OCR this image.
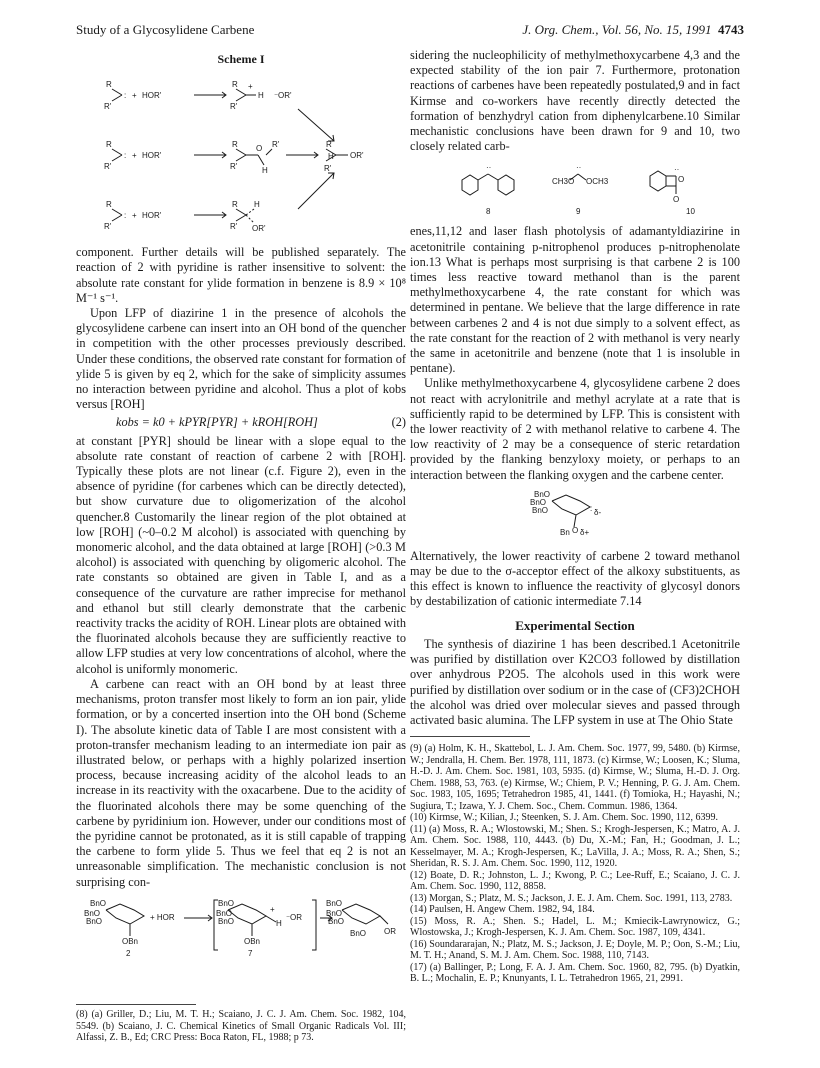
Study of a Glycosylidene Carbene	J. Org. Chem., Vol. 56, No. 15, 1991 4743
Scheme I
R
R'
: + HOR'
R
R'
+
H ⁻ OR'
R
R'
: + HOR'
R
R'
O R'
H
R
H OR'
R'
R
R'
: + HOR'
R
R'
H
OR'

component. Further details will be published separately. The reaction of 2 with pyridine is rather insensitive to solvent: the absolute rate constant for ylide formation in benzene is 8.9 × 10⁸ M⁻¹ s⁻¹.

Upon LFP of diazirine 1 in the presence of alcohols the glycosylidene carbene can insert into an OH bond of the quencher in competition with the other processes previously described. Under these conditions, the observed rate constant for formation of ylide 5 is given by eq 2, which for the sake of simplicity assumes no interaction between pyridine and alcohol. Thus a plot of kobs versus [ROH]

kobs = k0 + kPYR[PYR] + kROH[ROH]	(2)

at constant [PYR] should be linear with a slope equal to the absolute rate constant of reaction of carbene 2 with [ROH]. Typically these plots are not linear (c.f. Figure 2), even in the absence of pyridine (for carbenes which can be directly detected), but show curvature due to oligomerization of the alcohol quencher.8 Customarily the linear region of the plot obtained at low [ROH] (~0–0.2 M alcohol) is associated with quenching by monomeric alcohol, and the data obtained at large [ROH] (>0.3 M alcohol) is associated with quenching by oligomeric alcohol. The rate constants so obtained are given in Table I, and as a consequence of the curvature are rather imprecise for methanol and ethanol but still clearly demonstrate that the carbenic reactivity tracks the acidity of ROH. Linear plots are obtained with the fluorinated alcohols because they are sufficiently reactive to allow LFP studies at very low concentrations of alcohol, where the alcohol is uniformly monomeric.

A carbene can react with an OH bond by at least three mechanisms, proton transfer most likely to form an ion pair, ylide formation, or by a concerted insertion into the OH bond (Scheme I). The absolute kinetic data of Table I are most consistent with a proton-transfer mechanism leading to an intermediate ion pair as illustrated below, or perhaps with a highly polarized insertion process, because increasing acidity of the alcohol leads to an increase in its reactivity with the oxacarbene. Due to the acidity of the fluorinated alcohols there may be some quenching of the carbene by pyridinium ion. However, under our conditions most of the pyridine cannot be protonated, as it is still capable of trapping the carbene to form ylide 5. Thus we feel that eq 2 is not an unreasonable simplification. The mechanistic conclusion is not surprising con-

BnO
BnO
BnO
OBn
2
+ HOR
BnO
BnO
BnO
OBn
7
H
+
⁻ OR
BnO
BnO
BnO
BnO OR
(8) (a) Griller, D.; Liu, M. T. H.; Scaiano, J. C. J. Am. Chem. Soc. 1982, 104, 5549. (b) Scaiano, J. C. Chemical Kinetics of Small Organic Radicals Vol. III; Alfassi, Z. B., Ed; CRC Press: Boca Raton, FL, 1988; p 73.

sidering the nucleophilicity of methylmethoxycarbene 4,3 and the expected stability of the ion pair 7. Furthermore, protonation reactions of carbenes have been repeatedly postulated,9 and in fact Kirmse and co-workers have recently directly detected the formation of benzhydryl cation from diphenylcarbene.10 Similar mechanistic conclusions have been drawn for 9 and 10, two closely related carb-

··	··	··
CH3O OCH3	O
O
8	9	10

enes,11,12 and laser flash photolysis of adamantyldiazirine in acetonitrile containing p-nitrophenol produces p-nitrophenolate ion.13 What is perhaps most surprising is that carbene 2 is 100 times less reactive toward methanol than is the parent methylmethoxycarbene 4, the rate constant for which was determined in pentane. We believe that the large difference in rate between carbenes 2 and 4 is not due simply to a solvent effect, as the rate constant for the reaction of 2 with methanol is very nearly the same in acetonitrile and benzene (note that 1 is insoluble in pentane).

Unlike methylmethoxycarbene 4, glycosylidene carbene 2 does not react with acrylonitrile and methyl acrylate at a rate that is sufficiently rapid to be determined by LFP. This is consistent with the lower reactivity of 2 with methanol relative to carbene 4. The low reactivity of 2 may be a consequence of steric retardation provided by the flanking benzyloxy moiety, or perhaps to an interaction between the flanking oxygen and the carbene center.

BnO
BnO
BnO	: δ-
Bn O δ+

Alternatively, the lower reactivity of carbene 2 toward methanol may be due to the σ-acceptor effect of the alkoxy substituents, as this effect is known to influence the reactivity of glycosyl donors by destabilization of cationic intermediate 7.14

Experimental Section

The synthesis of diazirine 1 has been described.1 Acetonitrile was purified by distillation over K2CO3 followed by distillation over anhydrous P2O5. The alcohols used in this work were purified by distillation over sodium or in the case of (CF3)2CHOH the alcohol was dried over molecular sieves and passed through activated basic alumina. The LFP system in use at The Ohio State

(9) (a) Holm, K. H., Skattebol, L. J. Am. Chem. Soc. 1977, 99, 5480. (b) Kirmse, W.; Jendralla, H. Chem. Ber. 1978, 111, 1873. (c) Kirmse, W.; Loosen, K.; Sluma, H.-D. J. Am. Chem. Soc. 1981, 103, 5935. (d) Kirmse, W.; Sluma, H.-D. J. Org. Chem. 1988, 53, 763. (e) Kirmse, W.; Chiem, P. V.; Henning, P. G. J. Am. Chem. Soc. 1983, 105, 1695; Tetrahedron 1985, 41, 1441. (f) Tomioka, H.; Hayashi, N.; Sugiura, T.; Izawa, Y. J. Chem. Soc., Chem. Commun. 1986, 1364.
(10) Kirmse, W.; Kilian, J.; Steenken, S. J. Am. Chem. Soc. 1990, 112, 6399.
(11) (a) Moss, R. A.; Wlostowski, M.; Shen. S.; Krogh-Jespersen, K.; Matro, A. J. Am. Chem. Soc. 1988, 110, 4443. (b) Du, X.-M.; Fan, H.; Goodman, J. L.; Kesselmayer, M. A.; Krogh-Jespersen, K.; LaVilla, J. A.; Moss, R. A.; Shen, S.; Sheridan, R. S. J. Am. Chem. Soc. 1990, 112, 1920.
(12) Boate, D. R.; Johnston, L. J.; Kwong, P. C.; Lee-Ruff, E.; Scaiano, J. C. J. Am. Chem. Soc. 1990, 112, 8858.
(13) Morgan, S.; Platz, M. S.; Jackson, J. E. J. Am. Chem. Soc. 1991, 113, 2783.
(14) Paulsen, H. Angew Chem. 1982, 94, 184.
(15) Moss, R. A.; Shen. S.; Hadel, L. M.; Kmiecik-Lawrynowicz, G.; Wlostowska, J.; Krogh-Jespersen, K. J. Am. Chem. Soc. 1987, 109, 4341.
(16) Soundararajan, N.; Platz, M. S.; Jackson, J. E; Doyle, M. P.; Oon, S.-M.; Liu, M. T. H.; Anand, S. M. J. Am. Chem. Soc. 1988, 110, 7143.
(17) (a) Ballinger, P.; Long, F. A. J. Am. Chem. Soc. 1960, 82, 795. (b) Dyatkin, B. L.; Mochalin, E. P.; Knunyants, I. L. Tetrahedron 1965, 21, 2991.
